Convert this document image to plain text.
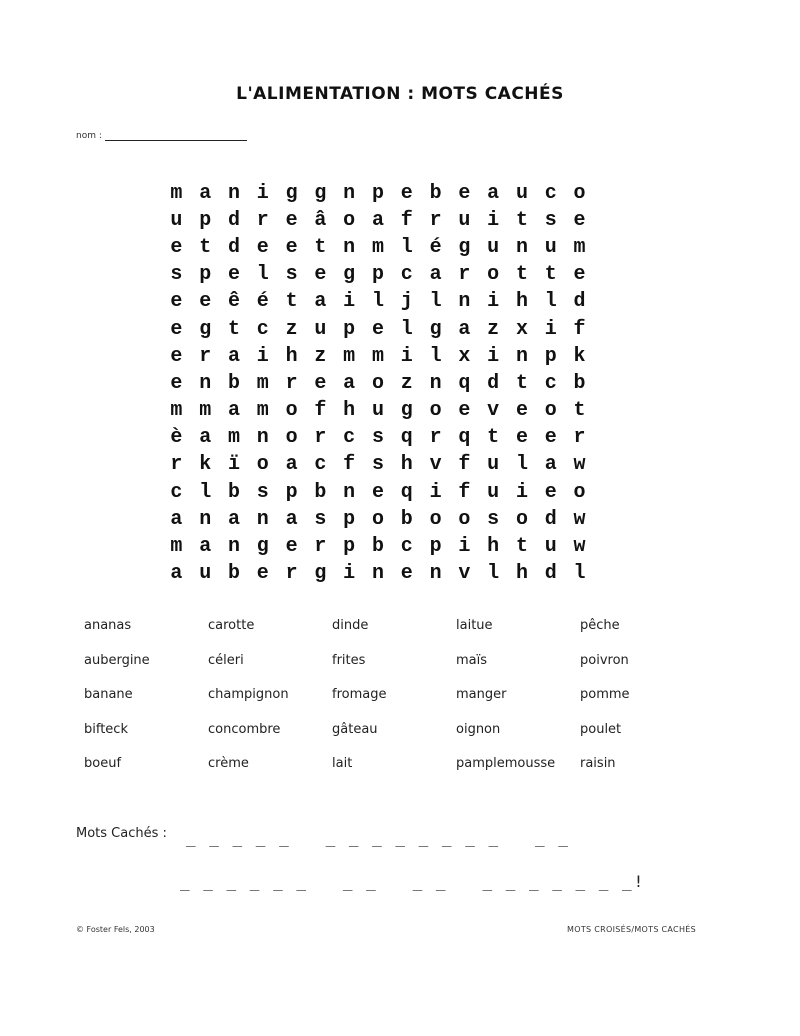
L'ALIMENTATION : MOTS CACHÉS
nom :
m a n i g g n p e b e a u c o
u p d r e â o a f r u i t s e
e t d e e t n m l é g u n u m
s p e l s e g p c a r o t t e
e e ê é t a i l j l n i h l d
e g t c z u p e l g a z x i f
e r a i h z m m i l x i n p k
e n b m r e a o z n q d t c b
m m a m o f h u g o e v e o t
è a m n o r c s q r q t e e r
r k ï o a c f s h v f u l a w
c l b s p b n e q i f u i e o
a n a n a s p o b o o s o d w
m a n g e r p b c p i h t u w
a u b e r g i n e n v l h d l
ananas	carotte	dinde	laitue	pêche
aubergine	céleri	frites	maïs	poivron
banane	champignon	fromage	manger	pomme
bifteck	concombre	gâteau	oignon	poulet
boeuf	crème	lait	pamplemousse	raisin
Mots Cachés : _ _ _ _ _   _ _ _ _ _ _ _ _   _ _
_ _ _ _ _ _   _ _   _ _   _ _ _ _ _ _ _!
© Foster Fels, 2003	MOTS CROISÉS/MOTS CACHÉS
